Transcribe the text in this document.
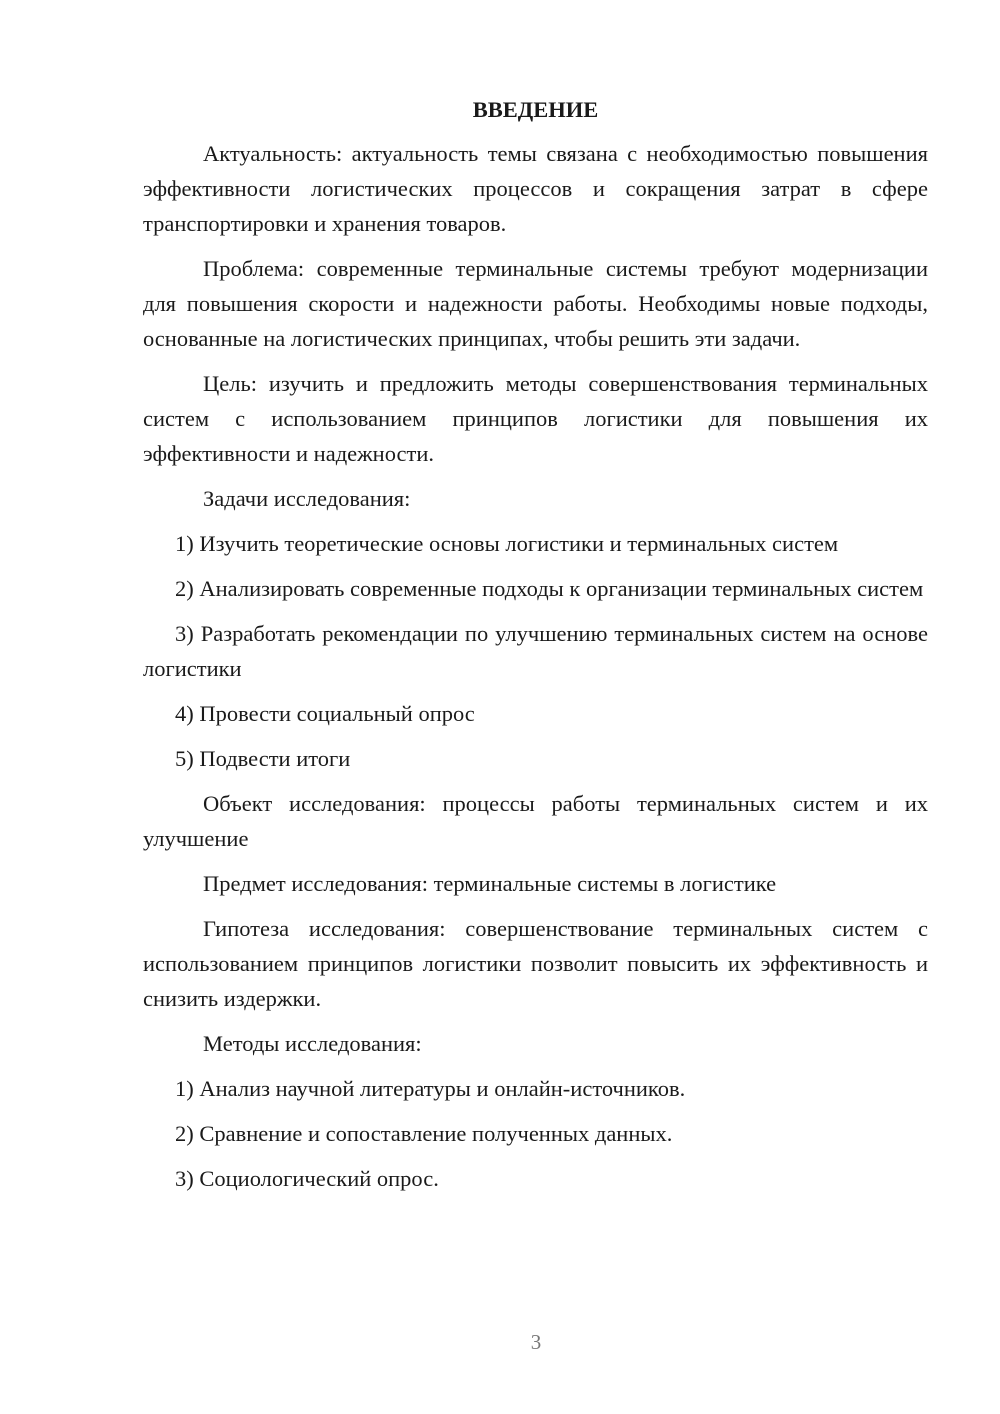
ВВЕДЕНИЕ

Актуальность: актуальность темы связана с необходимостью повышения эффективности логистических процессов и сокращения затрат в сфере транспортировки и хранения товаров.

Проблема: современные терминальные системы требуют модернизации для повышения скорости и надежности работы. Необходимы новые подходы, основанные на логистических принципах, чтобы решить эти задачи.

Цель: изучить и предложить методы совершенствования терминальных систем с использованием принципов логистики для повышения их эффективности и надежности.

Задачи исследования:

1) Изучить теоретические основы логистики и терминальных систем

2) Анализировать современные подходы к организации терминальных систем

3) Разработать рекомендации по улучшению терминальных систем на основе логистики

4) Провести социальный опрос

5) Подвести итоги

Объект исследования: процессы работы терминальных систем и их улучшение

Предмет исследования: терминальные системы в логистике

Гипотеза исследования: совершенствование терминальных систем с использованием принципов логистики позволит повысить их эффективность и снизить издержки.

Методы исследования:

1) Анализ научной литературы и онлайн-источников.

2) Сравнение и сопоставление полученных данных.

3) Социологический опрос.

3
